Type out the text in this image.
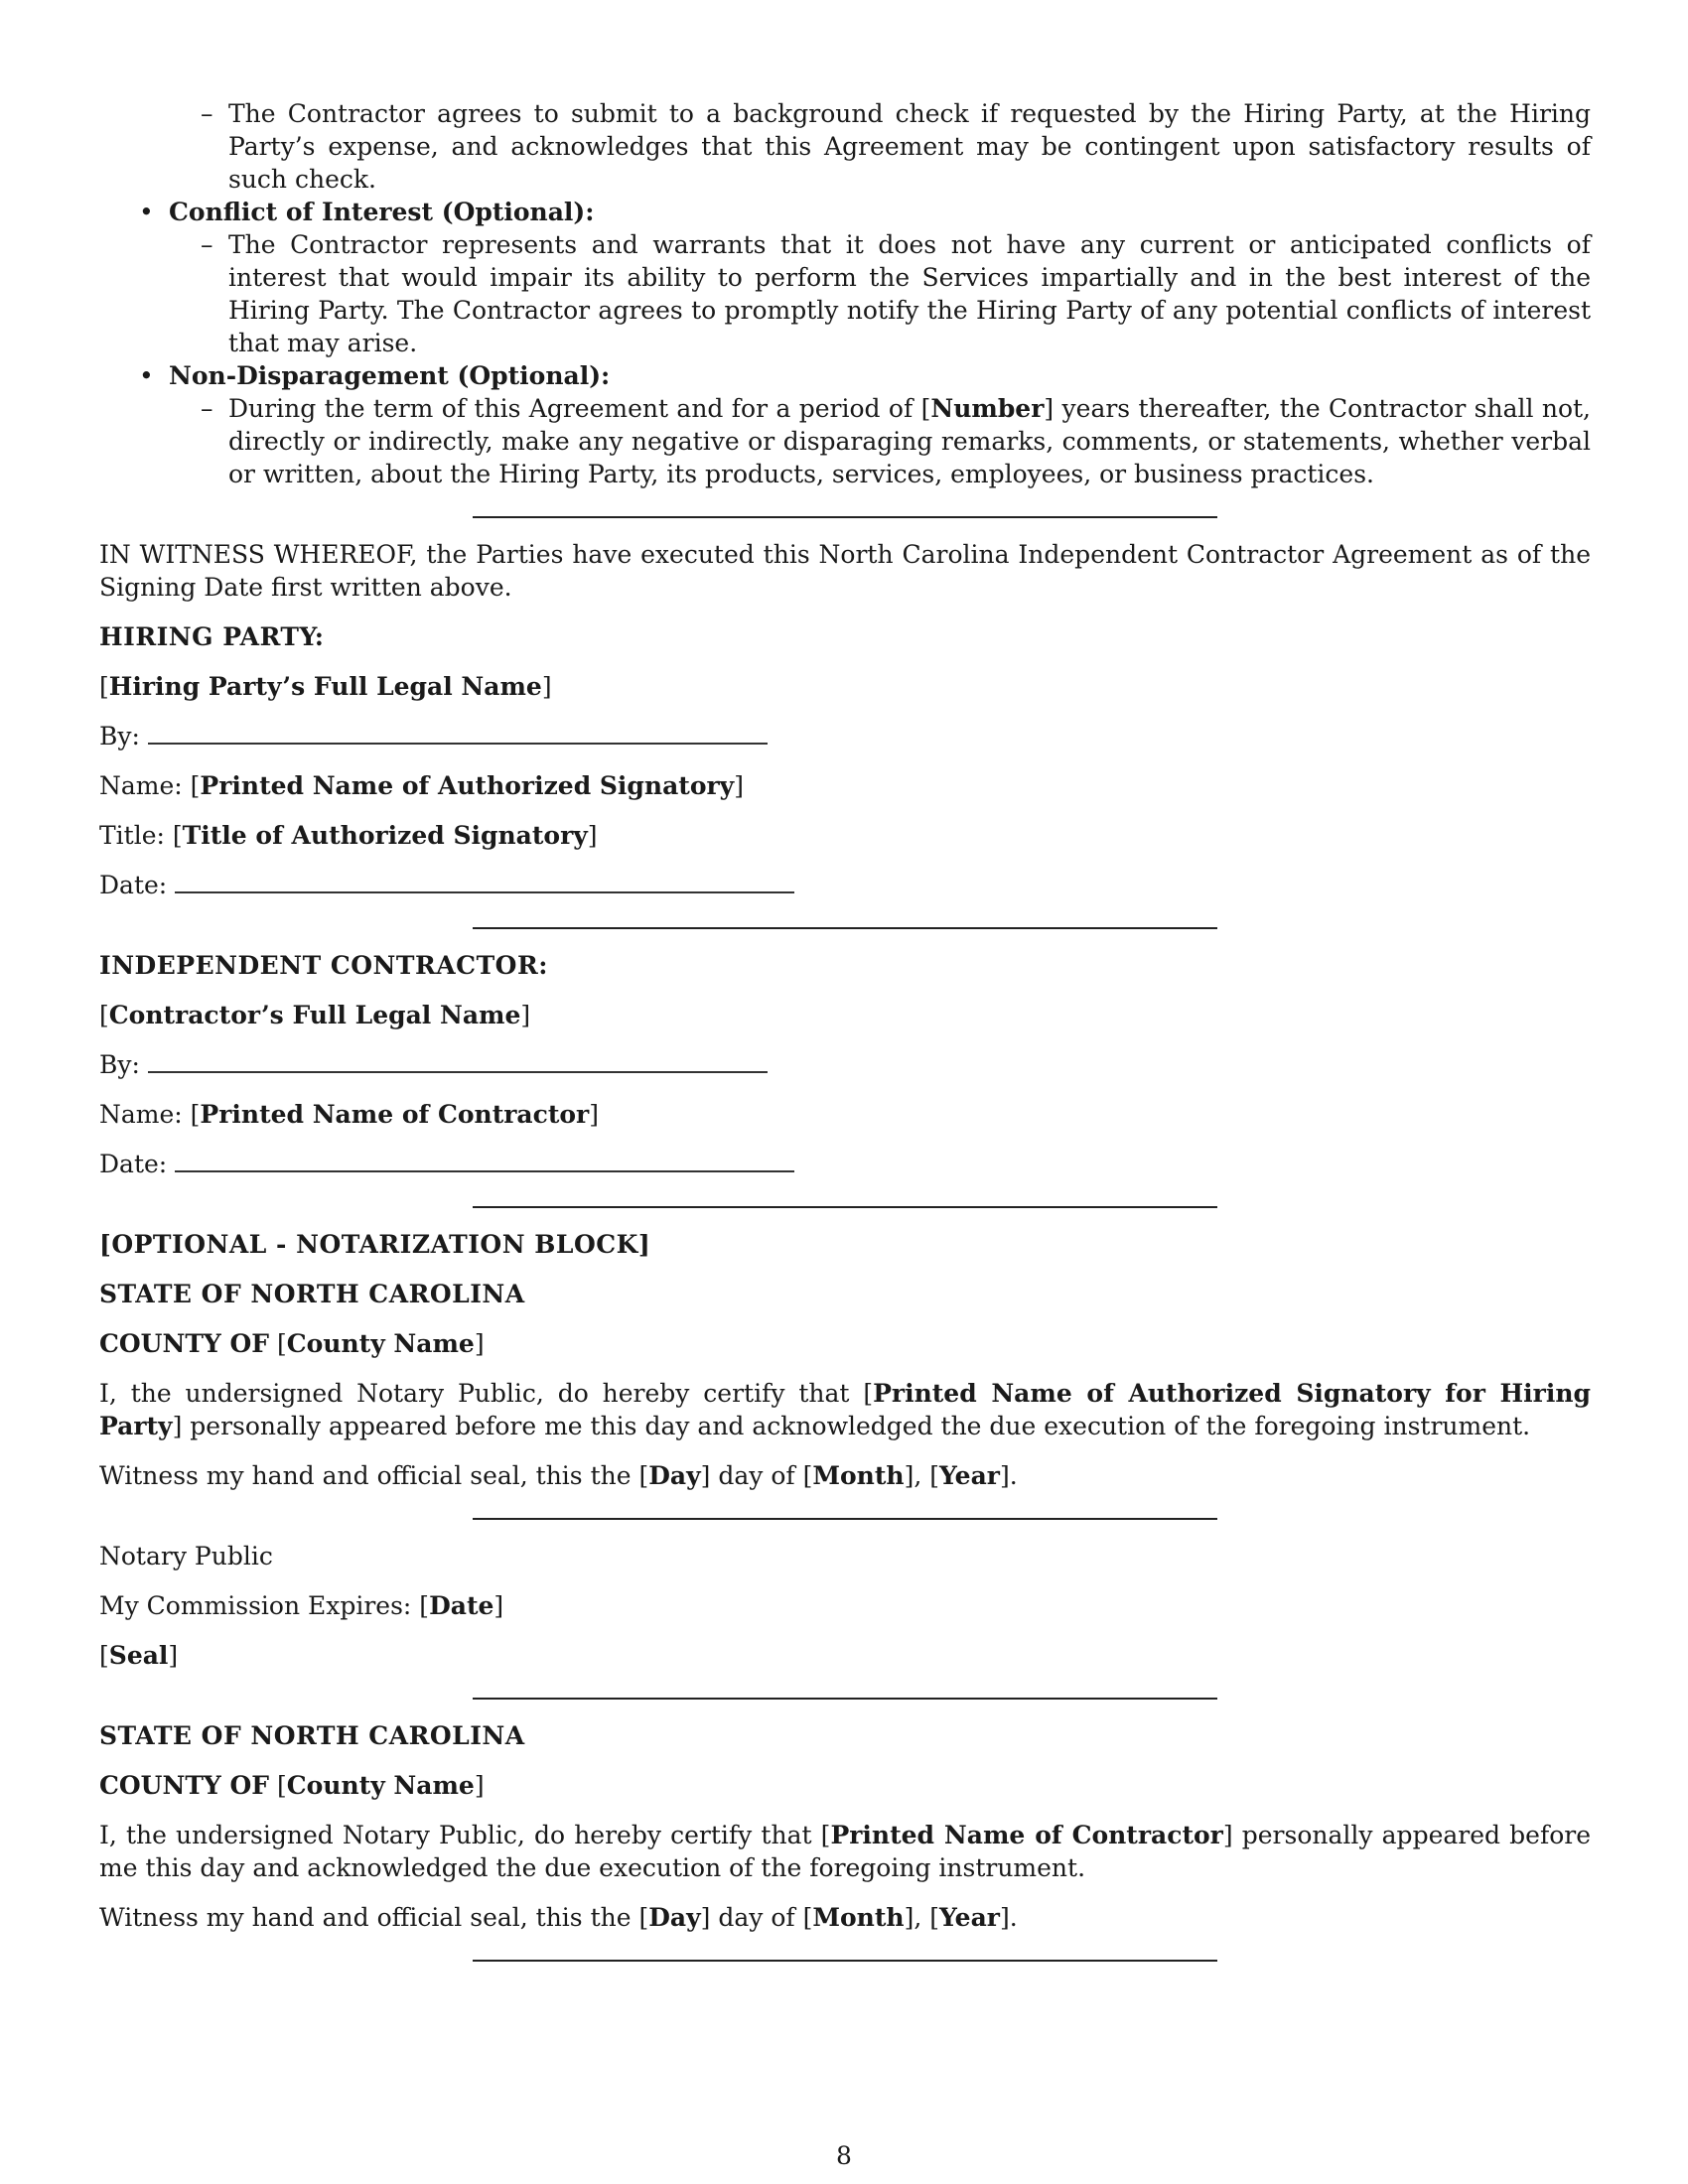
– The Contractor agrees to submit to a background check if requested by the Hiring Party, at the Hiring Party’s expense, and acknowledges that this Agreement may be contingent upon satisfactory results of such check.
• Conflict of Interest (Optional):
– The Contractor represents and warrants that it does not have any current or anticipated conflicts of interest that would impair its ability to perform the Services impartially and in the best interest of the Hiring Party. The Contractor agrees to promptly notify the Hiring Party of any potential conflicts of interest that may arise.
• Non-Disparagement (Optional):
– During the term of this Agreement and for a period of [Number] years thereafter, the Contractor shall not, directly or indirectly, make any negative or disparaging remarks, comments, or statements, whether verbal or written, about the Hiring Party, its products, services, employees, or business practices.
IN WITNESS WHEREOF, the Parties have executed this North Carolina Independent Contractor Agreement as of the Signing Date first written above.
HIRING PARTY:
[Hiring Party’s Full Legal Name]
By:
Name: [Printed Name of Authorized Signatory]
Title: [Title of Authorized Signatory]
Date:
INDEPENDENT CONTRACTOR:
[Contractor’s Full Legal Name]
By:
Name: [Printed Name of Contractor]
Date:
[OPTIONAL - NOTARIZATION BLOCK]
STATE OF NORTH CAROLINA
COUNTY OF [County Name]
I, the undersigned Notary Public, do hereby certify that [Printed Name of Authorized Signatory for Hiring Party] personally appeared before me this day and acknowledged the due execution of the foregoing instrument.
Witness my hand and official seal, this the [Day] day of [Month], [Year].
Notary Public
My Commission Expires: [Date]
[Seal]
STATE OF NORTH CAROLINA
COUNTY OF [County Name]
I, the undersigned Notary Public, do hereby certify that [Printed Name of Contractor] personally appeared before me this day and acknowledged the due execution of the foregoing instrument.
Witness my hand and official seal, this the [Day] day of [Month], [Year].
8
